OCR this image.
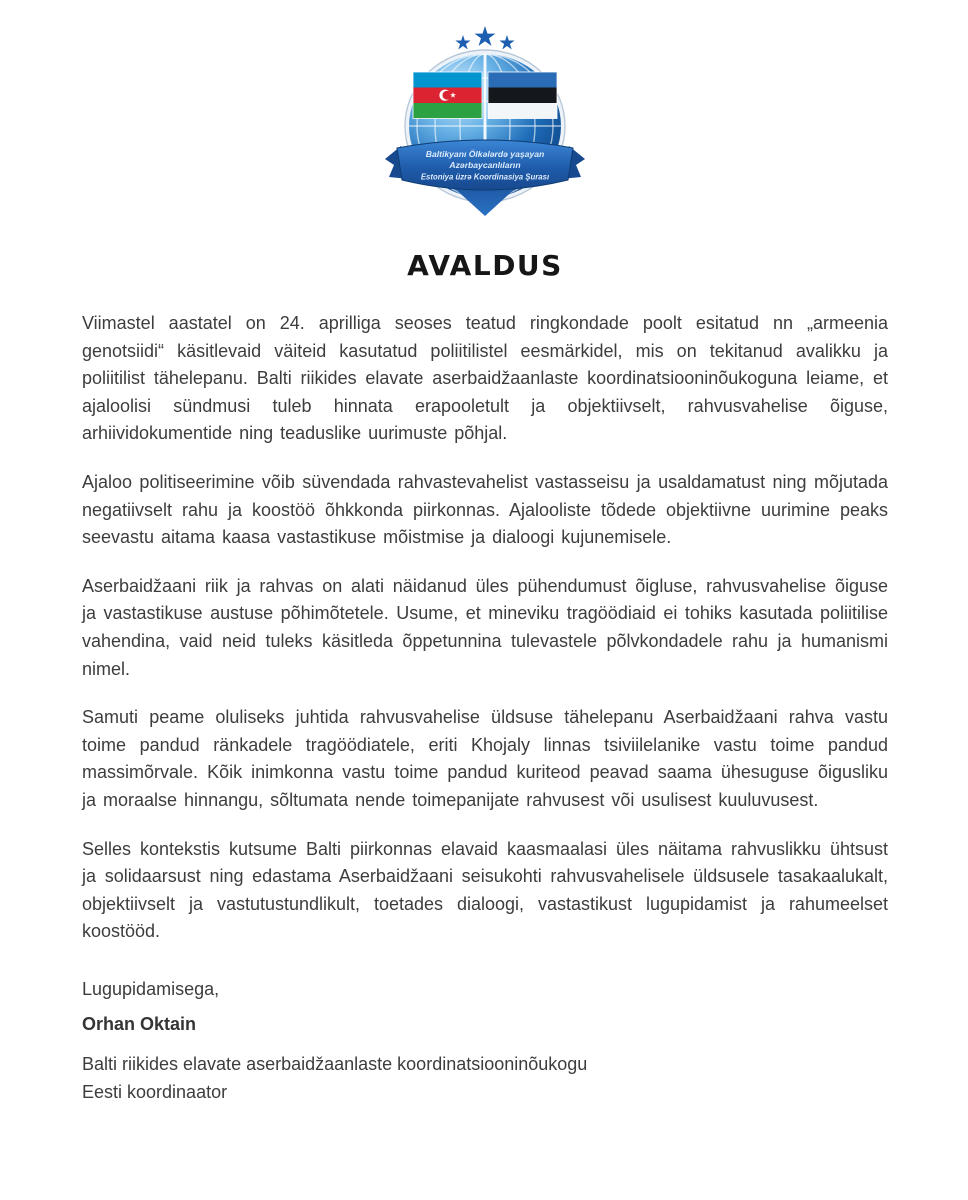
Baltikyanı Ölkələrdə yaşayan
Azərbaycanlıların
Estoniya üzrə Koordinasiya Şurası
AVALDUS

Viimastel aastatel on 24. aprilliga seoses teatud ringkondade poolt esitatud nn „armeenia genotsiidi“ käsitlevaid väiteid kasutatud poliitilistel eesmärkidel, mis on tekitanud avalikku ja poliitilist tähelepanu. Balti riikides elavate aserbaidžaanlaste koordinatsiooninõukoguna leiame, et ajaloolisi sündmusi tuleb hinnata erapooletult ja objektiivselt, rahvusvahelise õiguse, arhiividokumentide ning teaduslike uurimuste põhjal.

Ajaloo politiseerimine võib süvendada rahvastevahelist vastasseisu ja usaldamatust ning mõjutada negatiivselt rahu ja koostöö õhkkonda piirkonnas. Ajalooliste tõdede objektiivne uurimine peaks seevastu aitama kaasa vastastikuse mõistmise ja dialoogi kujunemisele.

Aserbaidžaani riik ja rahvas on alati näidanud üles pühendumust õigluse, rahvusvahelise õiguse ja vastastikuse austuse põhimõtetele. Usume, et mineviku tragöödiaid ei tohiks kasutada poliitilise vahendina, vaid neid tuleks käsitleda õppetunnina tulevastele põlvkondadele rahu ja humanismi nimel.

Samuti peame oluliseks juhtida rahvusvahelise üldsuse tähelepanu Aserbaidžaani rahva vastu toime pandud ränkadele tragöödiatele, eriti Khojaly linnas tsiviilelanike vastu toime pandud massimõrvale. Kõik inimkonna vastu toime pandud kuriteod peavad saama ühesuguse õigusliku ja moraalse hinnangu, sõltumata nende toimepanijate rahvusest või usulisest kuuluvusest.

Selles kontekstis kutsume Balti piirkonnas elavaid kaasmaalasi üles näitama rahvuslikku ühtsust ja solidaarsust ning edastama Aserbaidžaani seisukohti rahvusvahelisele üldsusele tasakaalukalt, objektiivselt ja vastutustundlikult, toetades dialoogi, vastastikust lugupidamist ja rahumeelset koostööd.

Lugupidamisega,
Orhan Oktain
Balti riikides elavate aserbaidžaanlaste koordinatsiooninõukogu
Eesti koordinaator
